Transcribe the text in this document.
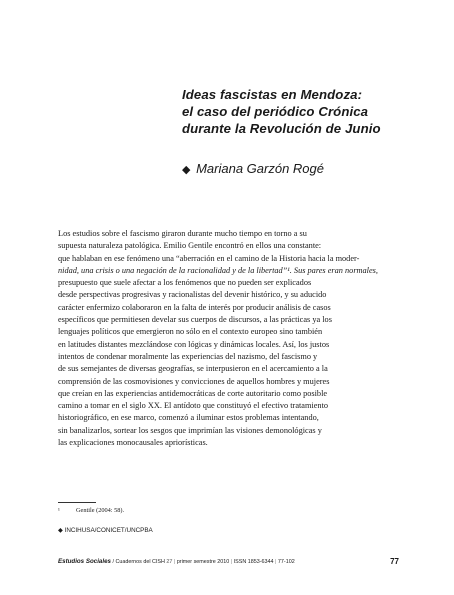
Ideas fascistas en Mendoza:
el caso del periódico Crónica
durante la Revolución de Junio
◆ Mariana Garzón Rogé
Los estudios sobre el fascismo giraron durante mucho tiempo en torno a su
supuesta naturaleza patológica. Emilio Gentile encontró en ellos una constante:
que hablaban en ese fenómeno una “aberración en el camino de la Historia hacia la moder-
nidad, una crisis o una negación de la racionalidad y de la libertad”¹. Sus pares eran normales,
presupuesto que suele afectar a los fenómenos que no pueden ser explicados
desde perspectivas progresivas y racionalistas del devenir histórico, y su aducido
carácter enfermizo colaboraron en la falta de interés por producir análisis de casos
específicos que permitiesen develar sus cuerpos de discursos, a las prácticas ya los
lenguajes políticos que emergieron no sólo en el contexto europeo sino también
en latitudes distantes mezclándose con lógicas y dinámicas locales. Así, los justos
intentos de condenar moralmente las experiencias del nazismo, del fascismo y
de sus semejantes de diversas geografías, se interpusieron en el acercamiento a la
comprensión de las cosmovisiones y convicciones de aquellos hombres y mujeres
que creían en las experiencias antidemocráticas de corte autoritario como posible
camino a tomar en el siglo XX. El antídoto que constituyó el efectivo tratamiento
historiográfico, en ese marco, comenzó a iluminar estos problemas intentando,
sin banalizarlos, sortear los sesgos que imprimían las visiones demonológicas y
las explicaciones monocausales apriorísticas.
¹	Gentile (2004: 58).
◆ INCIHUSA/CONICET/UNCPBA
Estudios Sociales / Cuadernos del CISH 27 | primer semestre 2010 | ISSN 1853-6344 | 77-102	77
